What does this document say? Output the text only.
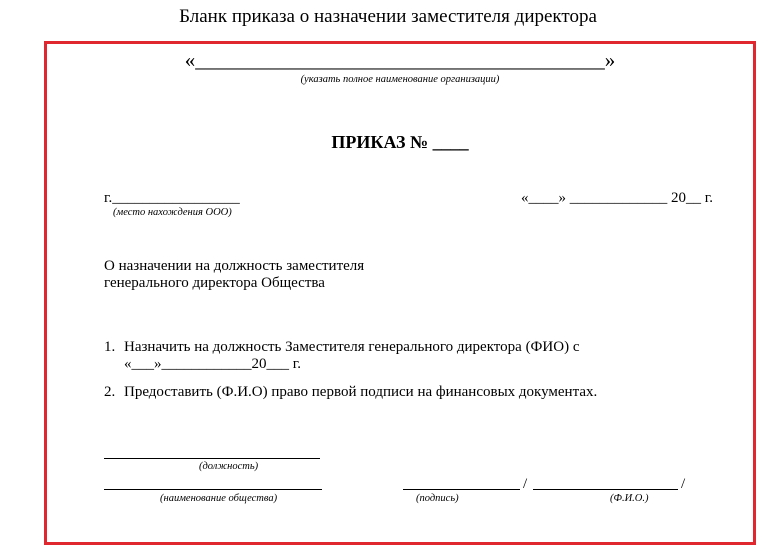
Бланк приказа о назначении заместителя директора
«_______________________________________»
(указать полное наименование организации)
ПРИКАЗ № ____
г._________________
(место нахождения ООО)
«____» _____________ 20__ г.
О назначении на должность заместителя
генерального директора Общества
1. Назначить на должность Заместителя генерального директора (ФИО) с
«___»____________20___ г.
2. Предоставить (Ф.И.О) право первой подписи на финансовых документах.
(должность)
(наименование общества)
/	/
(подпись)	(Ф.И.О.)
